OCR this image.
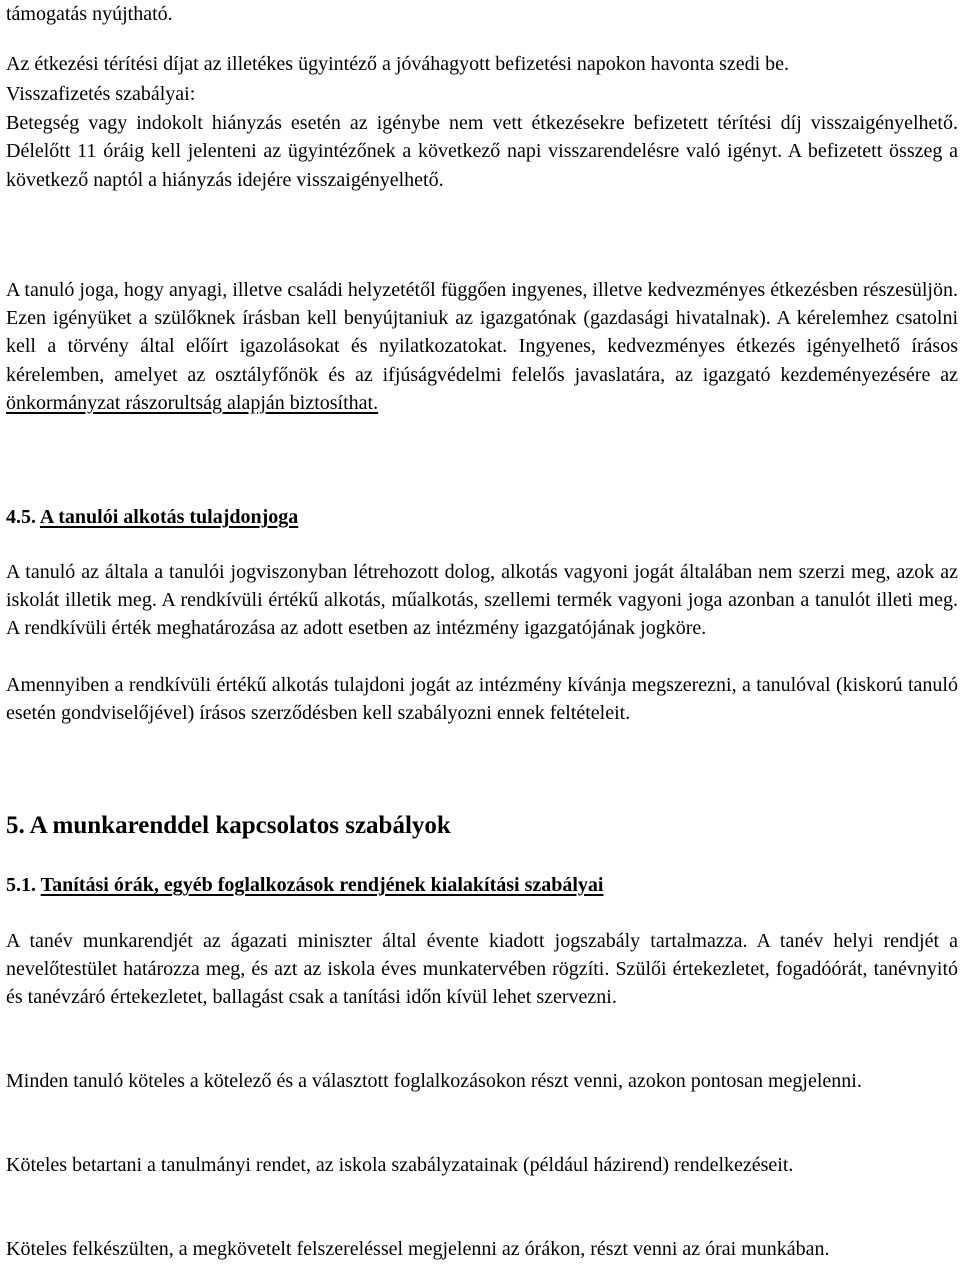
támogatás nyújtható.

Az étkezési térítési díjat az illetékes ügyintéző a jóváhagyott befizetési napokon havonta szedi be.

Visszafizetés szabályai:

Betegség vagy indokolt hiányzás esetén az igénybe nem vett étkezésekre befizetett térítési díj visszaigényelhető. Délelőtt 11 óráig kell jelenteni az ügyintézőnek a következő napi visszarendelésre való igényt. A befizetett összeg a következő naptól a hiányzás idejére visszaigényelhető.

A tanuló joga, hogy anyagi, illetve családi helyzetétől függően ingyenes, illetve kedvezményes étkezésben részesüljön. Ezen igényüket a szülőknek írásban kell benyújtaniuk az igazgatónak (gazdasági hivatalnak). A kérelemhez csatolni kell a törvény által előírt igazolásokat és nyilatkozatokat. Ingyenes, kedvezményes étkezés igényelhető írásos kérelemben, amelyet az osztályfőnök és az ifjúságvédelmi felelős javaslatára, az igazgató kezdeményezésére az önkormányzat rászorultság alapján biztosíthat.

4.5. A tanulói alkotás tulajdonjoga

A tanuló az általa a tanulói jogviszonyban létrehozott dolog, alkotás vagyoni jogát általában nem szerzi meg, azok az iskolát illetik meg. A rendkívüli értékű alkotás, műalkotás, szellemi termék vagyoni joga azonban a tanulót illeti meg. A rendkívüli érték meghatározása az adott esetben az intézmény igazgatójának jogköre.

Amennyiben a rendkívüli értékű alkotás tulajdoni jogát az intézmény kívánja megszerezni, a tanulóval (kiskorú tanuló esetén gondviselőjével) írásos szerződésben kell szabályozni ennek feltételeit.

5. A munkarenddel kapcsolatos szabályok

5.1. Tanítási órák, egyéb foglalkozások rendjének kialakítási szabályai

A tanév munkarendjét az ágazati miniszter által évente kiadott jogszabály tartalmazza. A tanév helyi rendjét a nevelőtestület határozza meg, és azt az iskola éves munkatervében rögzíti. Szülői értekezletet, fogadóórát, tanévnyitó és tanévzáró értekezletet, ballagást csak a tanítási időn kívül lehet szervezni.

Minden tanuló köteles a kötelező és a választott foglalkozásokon részt venni, azokon pontosan megjelenni.

Köteles betartani a tanulmányi rendet, az iskola szabályzatainak (például házirend) rendelkezéseit.

Köteles felkészülten, a megkövetelt felszereléssel megjelenni az órákon, részt venni az órai munkában.
